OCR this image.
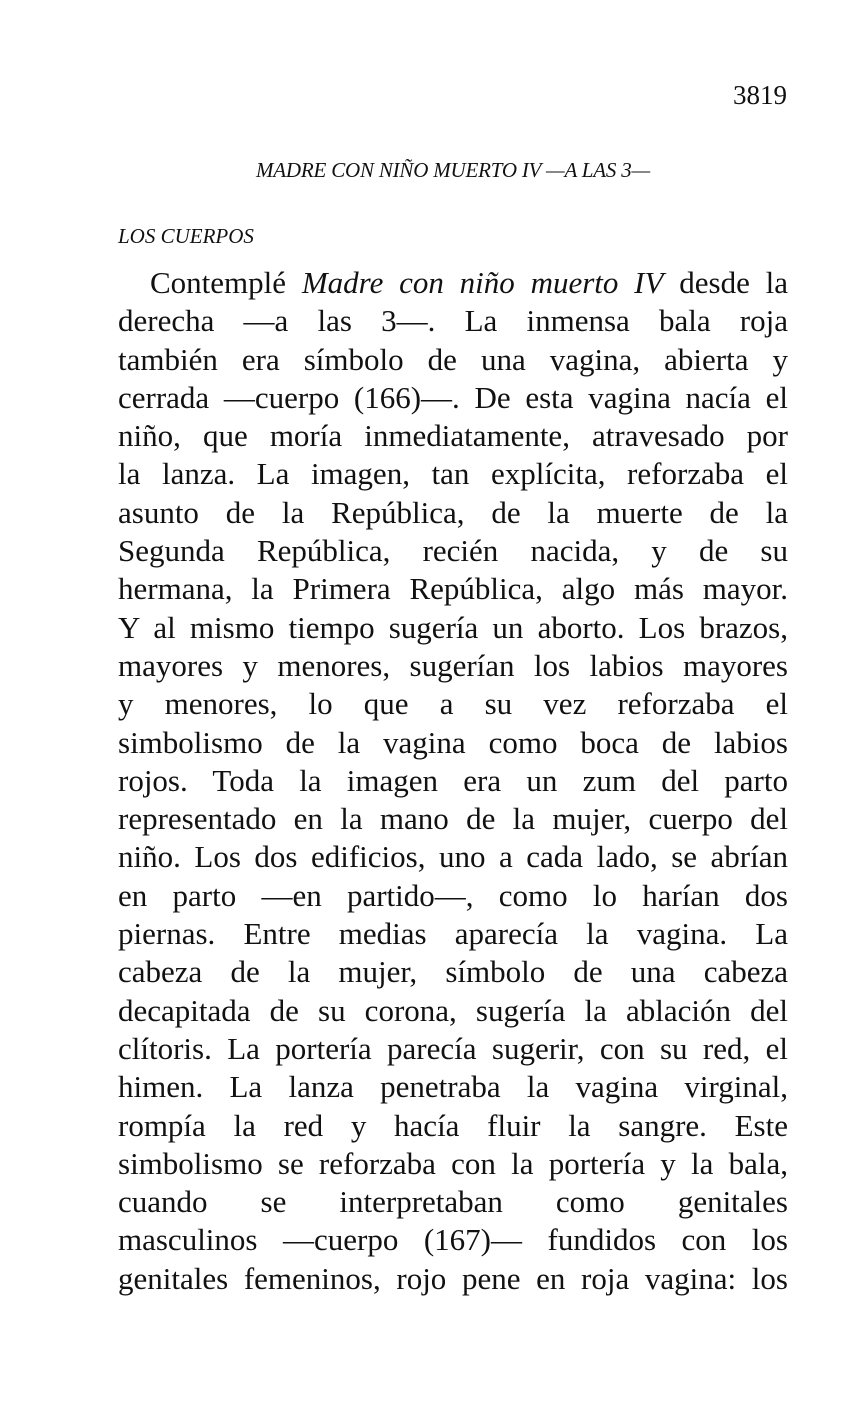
3819
MADRE CON NIÑO MUERTO IV —A LAS 3—
LOS CUERPOS
Contemplé Madre con niño muerto IV desde la
derecha —a las 3—. La inmensa bala roja
también era símbolo de una vagina, abierta y
cerrada —cuerpo (166)—. De esta vagina nacía el
niño, que moría inmediatamente, atravesado por
la lanza. La imagen, tan explícita, reforzaba el
asunto de la República, de la muerte de la
Segunda República, recién nacida, y de su
hermana, la Primera República, algo más mayor.
Y al mismo tiempo sugería un aborto. Los brazos,
mayores y menores, sugerían los labios mayores
y menores, lo que a su vez reforzaba el
simbolismo de la vagina como boca de labios
rojos. Toda la imagen era un zum del parto
representado en la mano de la mujer, cuerpo del
niño. Los dos edificios, uno a cada lado, se abrían
en parto —en partido—, como lo harían dos
piernas. Entre medias aparecía la vagina. La
cabeza de la mujer, símbolo de una cabeza
decapitada de su corona, sugería la ablación del
clítoris. La portería parecía sugerir, con su red, el
himen. La lanza penetraba la vagina virginal,
rompía la red y hacía fluir la sangre. Este
simbolismo se reforzaba con la portería y la bala,
cuando se interpretaban como genitales
masculinos —cuerpo (167)— fundidos con los
genitales femeninos, rojo pene en roja vagina: los
